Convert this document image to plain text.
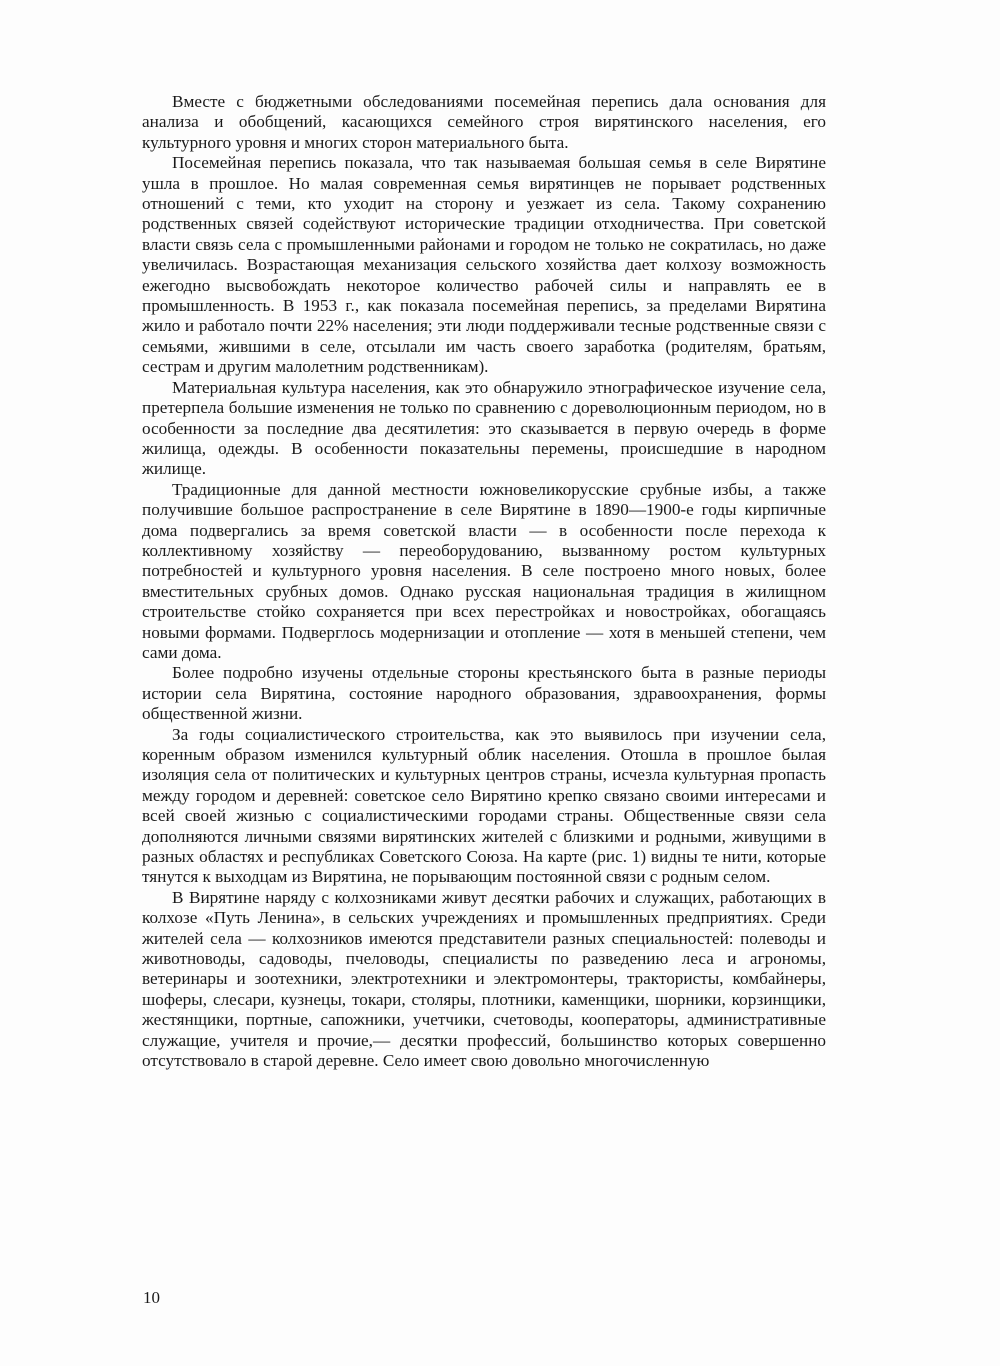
Вместе с бюджетными обследованиями посемейная перепись дала основания для анализа и обобщений, касающихся семейного строя вирятинского населения, его культурного уровня и многих сторон материального быта.

Посемейная перепись показала, что так называемая большая семья в селе Вирятине ушла в прошлое. Но малая современная семья вирятинцев не порывает родственных отношений с теми, кто уходит на сторону и уезжает из села. Такому сохранению родственных связей содействуют исторические традиции отходничества. При советской власти связь села с промышленными районами и городом не только не сократилась, но даже увеличилась. Возрастающая механизация сельского хозяйства дает колхозу возможность ежегодно высвобождать некоторое количество рабочей силы и направлять ее в промышленность. В 1953 г., как показала посемейная перепись, за пределами Вирятина жило и работало почти 22% населения; эти люди поддерживали тесные родственные связи с семьями, жившими в селе, отсылали им часть своего заработка (родителям, братьям, сестрам и другим малолетним родственникам).

Материальная культура населения, как это обнаружило этнографическое изучение села, претерпела большие изменения не только по сравнению с дореволюционным периодом, но в особенности за последние два десятилетия: это сказывается в первую очередь в форме жилища, одежды. В особенности показательны перемены, происшедшие в народном жилище.

Традиционные для данной местности южновеликорусские срубные избы, а также получившие большое распространение в селе Вирятине в 1890—1900-е годы кирпичные дома подвергались за время советской власти — в особенности после перехода к коллективному хозяйству — переоборудованию, вызванному ростом культурных потребностей и культурного уровня населения. В селе построено много новых, более вместительных срубных домов. Однако русская национальная традиция в жилищном строительстве стойко сохраняется при всех перестройках и новостройках, обогащаясь новыми формами. Подверглось модернизации и отопление — хотя в меньшей степени, чем сами дома.

Более подробно изучены отдельные стороны крестьянского быта в разные периоды истории села Вирятина, состояние народного образования, здравоохранения, формы общественной жизни.

За годы социалистического строительства, как это выявилось при изучении села, коренным образом изменился культурный облик населения. Отошла в прошлое былая изоляция села от политических и культурных центров страны, исчезла культурная пропасть между городом и деревней: советское село Вирятино крепко связано своими интересами и всей своей жизнью с социалистическими городами страны. Общественные связи села дополняются личными связями вирятинских жителей с близкими и родными, живущими в разных областях и республиках Советского Союза. На карте (рис. 1) видны те нити, которые тянутся к выходцам из Вирятина, не порывающим постоянной связи с родным селом.

В Вирятине наряду с колхозниками живут десятки рабочих и служащих, работающих в колхозе «Путь Ленина», в сельских учреждениях и промышленных предприятиях. Среди жителей села — колхозников имеются представители разных специальностей: полеводы и животноводы, садоводы, пчеловоды, специалисты по разведению леса и агрономы, ветеринары и зоотехники, электротехники и электромонтеры, трактористы, комбайнеры, шоферы, слесари, кузнецы, токари, столяры, плотники, каменщики, шорники, корзинщики, жестянщики, портные, сапожники, учетчики, счетоводы, кооператоры, административные служащие, учителя и прочие,— десятки профессий, большинство которых совершенно отсутствовало в старой деревне. Село имеет свою довольно многочисленную

10
